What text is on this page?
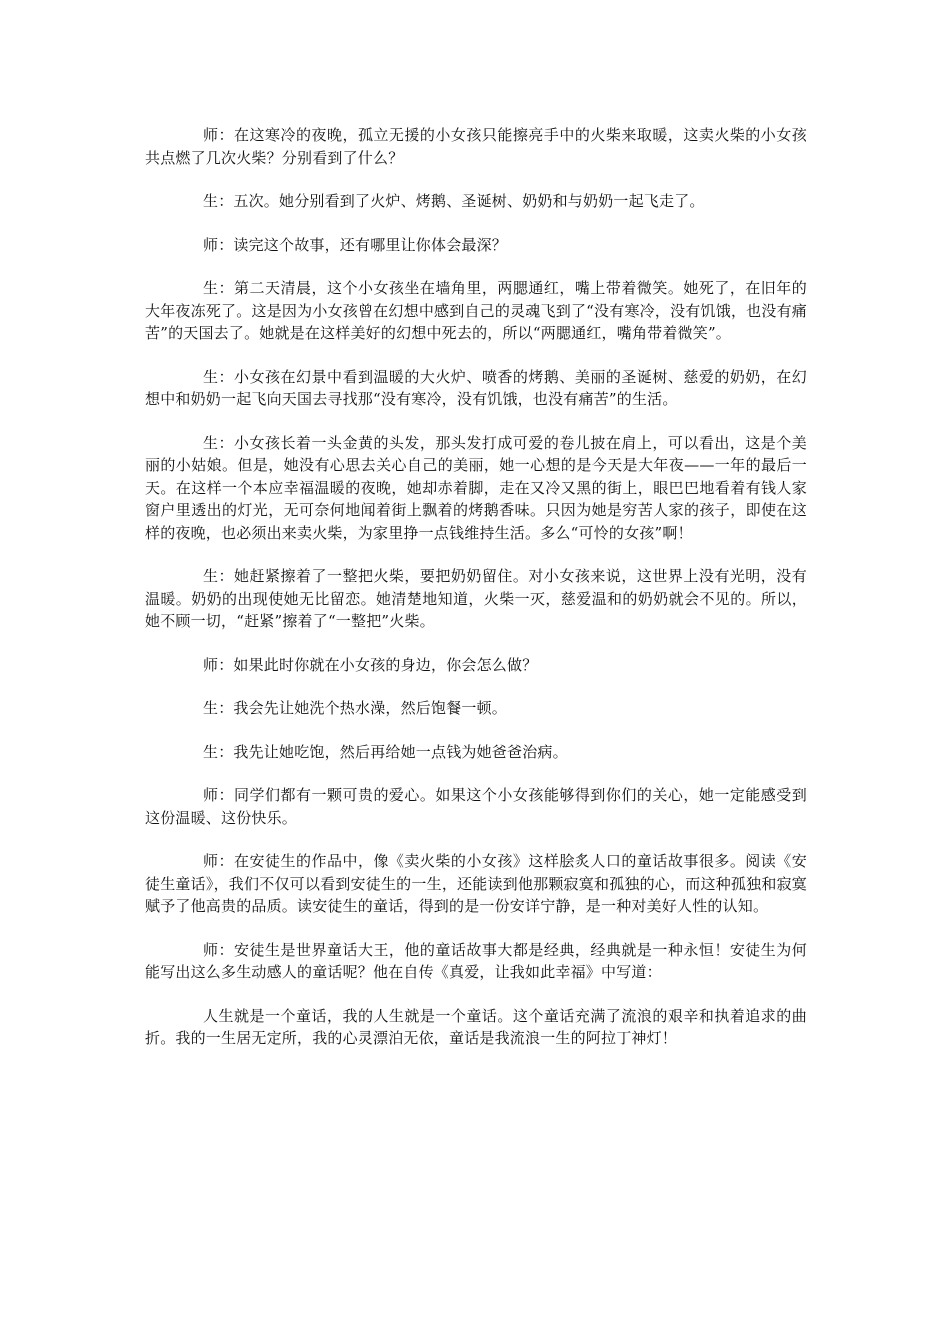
师：在这寒冷的夜晚，孤立无援的小女孩只能擦亮手中的火柴来取暖，这卖火柴的小女孩共点燃了几次火柴？分别看到了什么？

生：五次。她分别看到了火炉、烤鹅、圣诞树、奶奶和与奶奶一起飞走了。

师：读完这个故事，还有哪里让你体会最深？

生：第二天清晨，这个小女孩坐在墙角里，两腮通红，嘴上带着微笑。她死了，在旧年的大年夜冻死了。这是因为小女孩曾在幻想中感到自己的灵魂飞到了“没有寒冷，没有饥饿，也没有痛苦”的天国去了。她就是在这样美好的幻想中死去的，所以“两腮通红，嘴角带着微笑”。

生：小女孩在幻景中看到温暖的大火炉、喷香的烤鹅、美丽的圣诞树、慈爱的奶奶，在幻想中和奶奶一起飞向天国去寻找那“没有寒冷，没有饥饿，也没有痛苦”的生活。

生：小女孩长着一头金黄的头发，那头发打成可爱的卷儿披在肩上，可以看出，这是个美丽的小姑娘。但是，她没有心思去关心自己的美丽，她一心想的是今天是大年夜——一年的最后一天。在这样一个本应幸福温暖的夜晚，她却赤着脚，走在又冷又黑的街上，眼巴巴地看着有钱人家窗户里透出的灯光，无可奈何地闻着街上飘着的烤鹅香味。只因为她是穷苦人家的孩子，即使在这样的夜晚，也必须出来卖火柴，为家里挣一点钱维持生活。多么“可怜的女孩”啊！

生：她赶紧擦着了一整把火柴，要把奶奶留住。对小女孩来说，这世界上没有光明，没有温暖。奶奶的出现使她无比留恋。她清楚地知道，火柴一灭，慈爱温和的奶奶就会不见的。所以，她不顾一切，“赶紧”擦着了“一整把”火柴。

师：如果此时你就在小女孩的身边，你会怎么做？

生：我会先让她洗个热水澡，然后饱餐一顿。

生：我先让她吃饱，然后再给她一点钱为她爸爸治病。

师：同学们都有一颗可贵的爱心。如果这个小女孩能够得到你们的关心，她一定能感受到这份温暖、这份快乐。

师：在安徒生的作品中，像《卖火柴的小女孩》这样脍炙人口的童话故事很多。阅读《安徒生童话》，我们不仅可以看到安徒生的一生，还能读到他那颗寂寞和孤独的心，而这种孤独和寂寞赋予了他高贵的品质。读安徒生的童话，得到的是一份安详宁静，是一种对美好人性的认知。

师：安徒生是世界童话大王，他的童话故事大都是经典，经典就是一种永恒！安徒生为何能写出这么多生动感人的童话呢？他在自传《真爱，让我如此幸福》中写道：

人生就是一个童话，我的人生就是一个童话。这个童话充满了流浪的艰辛和执着追求的曲折。我的一生居无定所，我的心灵漂泊无依，童话是我流浪一生的阿拉丁神灯！
